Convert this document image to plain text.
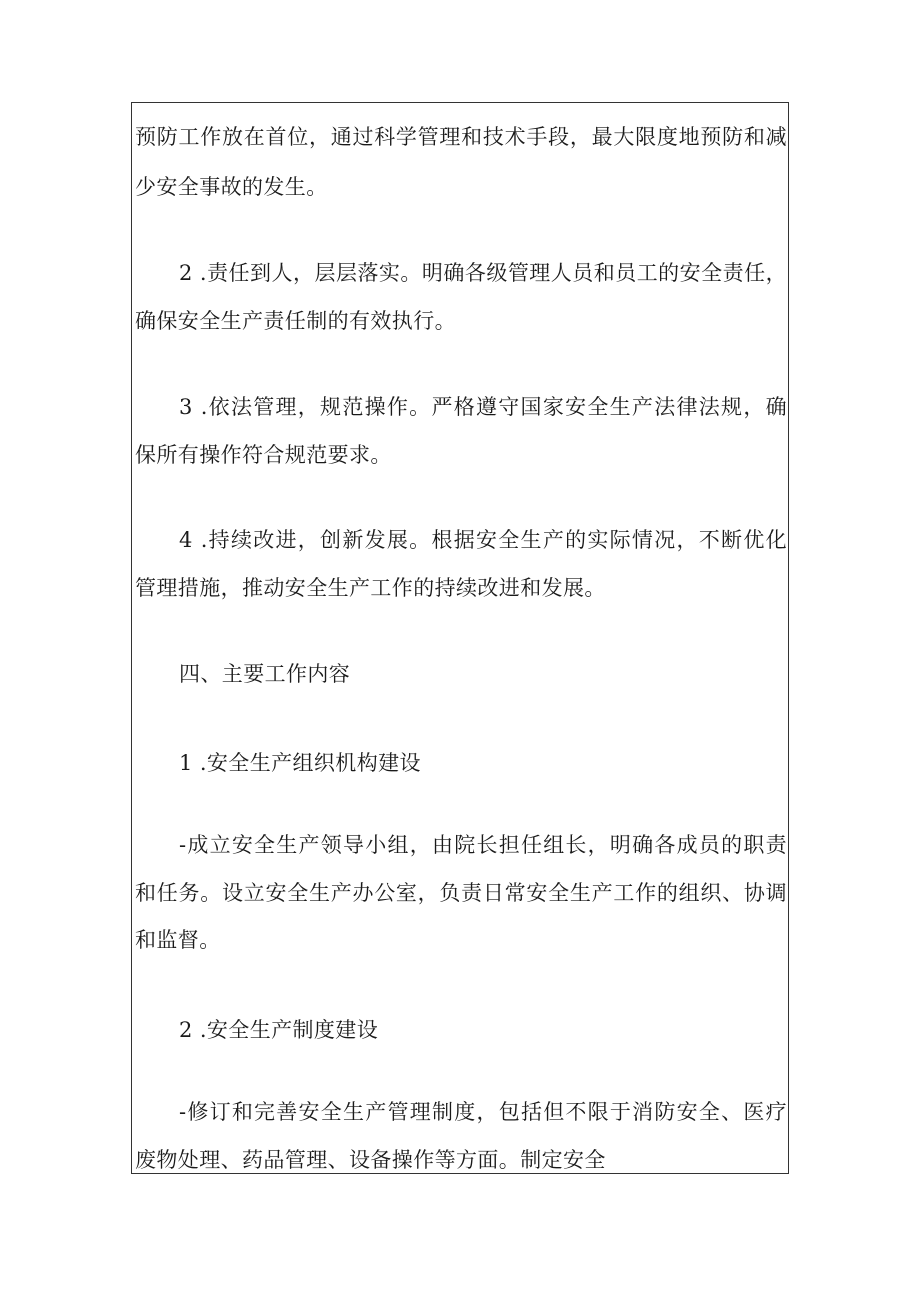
预防工作放在首位，通过科学管理和技术手段，最大限度地预防和减
少安全事故的发生。
2 .责任到人，层层落实。明确各级管理人员和员工的安全责任，
确保安全生产责任制的有效执行。
3 .依法管理，规范操作。严格遵守国家安全生产法律法规，确
保所有操作符合规范要求。
4 .持续改进，创新发展。根据安全生产的实际情况，不断优化
管理措施，推动安全生产工作的持续改进和发展。
四、主要工作内容
1 .安全生产组织机构建设
-成立安全生产领导小组，由院长担任组长，明确各成员的职责
和任务。设立安全生产办公室，负责日常安全生产工作的组织、协调
和监督。
2 .安全生产制度建设
-修订和完善安全生产管理制度，包括但不限于消防安全、医疗
废物处理、药品管理、设备操作等方面。制定安全
